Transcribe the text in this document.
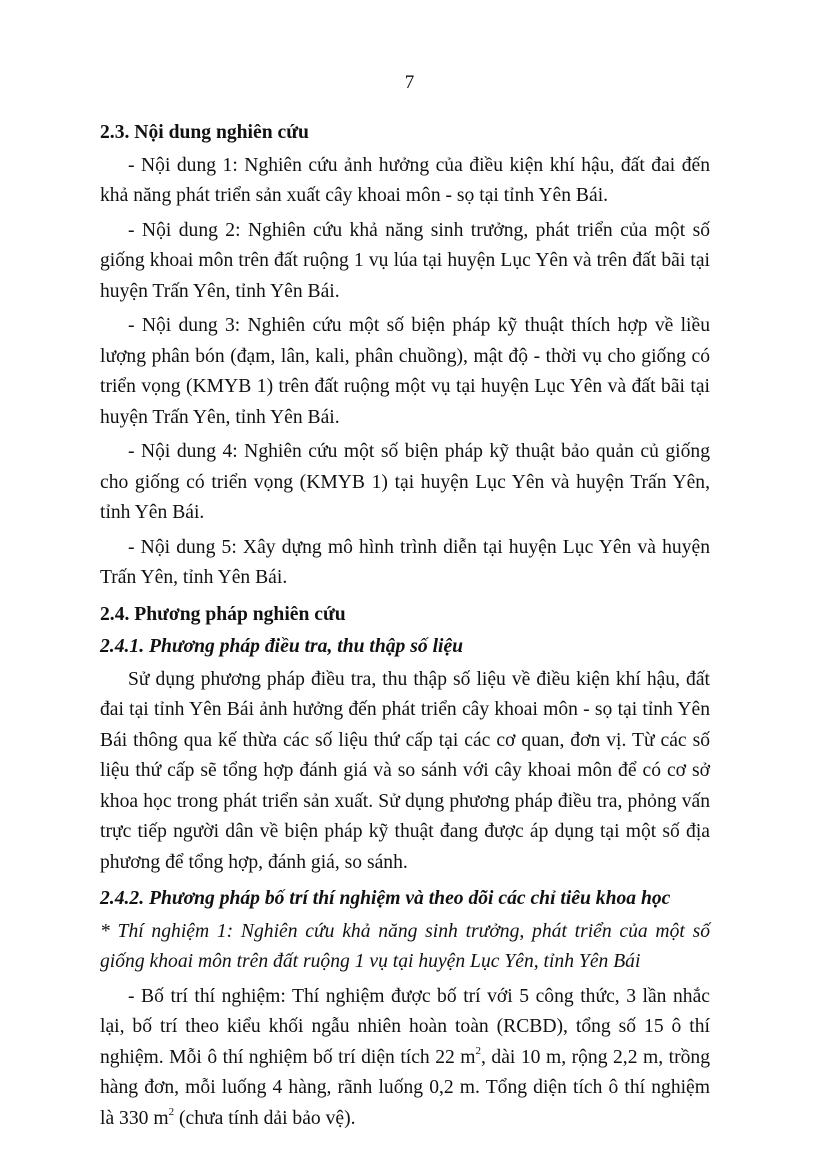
7
2.3. Nội dung nghiên cứu

- Nội dung 1: Nghiên cứu ảnh hưởng của điều kiện khí hậu, đất đai đến khả năng phát triển sản xuất cây khoai môn - sọ tại tỉnh Yên Bái.

- Nội dung 2: Nghiên cứu khả năng sinh trưởng, phát triển của một số giống khoai môn trên đất ruộng 1 vụ lúa tại huyện Lục Yên và trên đất bãi tại huyện Trấn Yên, tỉnh Yên Bái.

- Nội dung 3: Nghiên cứu một số biện pháp kỹ thuật thích hợp về liều lượng phân bón (đạm, lân, kali, phân chuồng), mật độ - thời vụ cho giống có triển vọng (KMYB 1) trên đất ruộng một vụ tại huyện Lục Yên và đất bãi tại huyện Trấn Yên, tỉnh Yên Bái.

- Nội dung 4: Nghiên cứu một số biện pháp kỹ thuật bảo quản củ giống cho giống có triển vọng (KMYB 1) tại huyện Lục Yên và huyện Trấn Yên, tỉnh Yên Bái.

- Nội dung 5: Xây dựng mô hình trình diễn tại huyện Lục Yên và huyện Trấn Yên, tỉnh Yên Bái.

2.4. Phương pháp nghiên cứu
2.4.1. Phương pháp điều tra, thu thập số liệu

Sử dụng phương pháp điều tra, thu thập số liệu về điều kiện khí hậu, đất đai tại tỉnh Yên Bái ảnh hưởng đến phát triển cây khoai môn - sọ tại tỉnh Yên Bái thông qua kế thừa các số liệu thứ cấp tại các cơ quan, đơn vị. Từ các số liệu thứ cấp sẽ tổng hợp đánh giá và so sánh với cây khoai môn để có cơ sở khoa học trong phát triển sản xuất. Sử dụng phương pháp điều tra, phỏng vấn trực tiếp người dân về biện pháp kỹ thuật đang được áp dụng tại một số địa phương để tổng hợp, đánh giá, so sánh.

2.4.2. Phương pháp bố trí thí nghiệm và theo dõi các chỉ tiêu khoa học

* Thí nghiệm 1: Nghiên cứu khả năng sinh trưởng, phát triển của một số giống khoai môn trên đất ruộng 1 vụ tại huyện Lục Yên, tỉnh Yên Bái

- Bố trí thí nghiệm: Thí nghiệm được bố trí với 5 công thức, 3 lần nhắc lại, bố trí theo kiểu khối ngẫu nhiên hoàn toàn (RCBD), tổng số 15 ô thí nghiệm. Mỗi ô thí nghiệm bố trí diện tích 22 $m^2$, dài 10 m, rộng 2,2 m, trồng hàng đơn, mỗi luống 4 hàng, rãnh luống 0,2 m. Tổng diện tích ô thí nghiệm là 330 $m^2$ (chưa tính dải bảo vệ).
